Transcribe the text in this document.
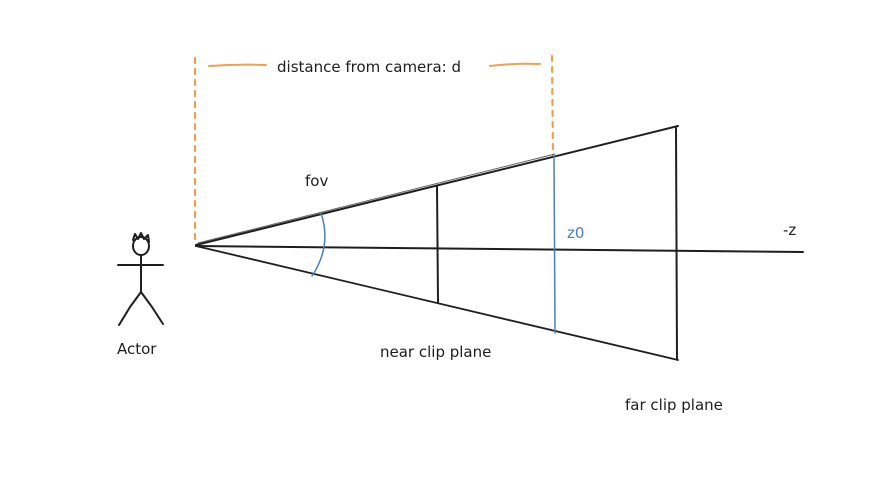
distance from camera: d
fov
z0	-z
Actor	near clip plane
far clip plane
